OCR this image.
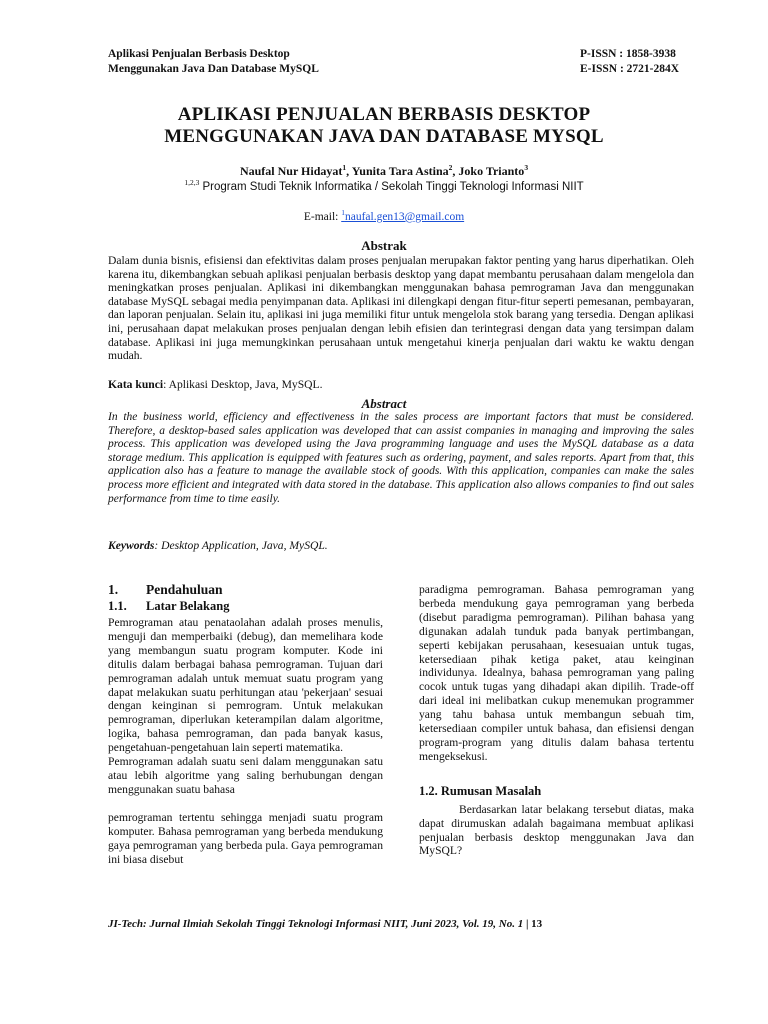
Aplikasi Penjualan Berbasis Desktop
Menggunakan Java Dan Database MySQL
P-ISSN : 1858-3938
E-ISSN : 2721-284X
APLIKASI PENJUALAN BERBASIS DESKTOP
MENGGUNAKAN JAVA DAN DATABASE MYSQL
Naufal Nur Hidayat$^1$, Yunita Tara Astina$^2$, Joko Trianto$^3$
$^{1,2,3}$ Program Studi Teknik Informatika / Sekolah Tinggi Teknologi Informasi NIIT
E-mail: $^1$naufal.gen13@gmail.com
Abstrak
Dalam dunia bisnis, efisiensi dan efektivitas dalam proses penjualan merupakan faktor penting yang harus diperhatikan. Oleh karena itu, dikembangkan sebuah aplikasi penjualan berbasis desktop yang dapat membantu perusahaan dalam mengelola dan meningkatkan proses penjualan. Aplikasi ini dikembangkan menggunakan bahasa pemrograman Java dan menggunakan database MySQL sebagai media penyimpanan data. Aplikasi ini dilengkapi dengan fitur-fitur seperti pemesanan, pembayaran, dan laporan penjualan. Selain itu, aplikasi ini juga memiliki fitur untuk mengelola stok barang yang tersedia. Dengan aplikasi ini, perusahaan dapat melakukan proses penjualan dengan lebih efisien dan terintegrasi dengan data yang tersimpan dalam database. Aplikasi ini juga memungkinkan perusahaan untuk mengetahui kinerja penjualan dari waktu ke waktu dengan mudah.
Kata kunci: Aplikasi Desktop, Java, MySQL.
Abstract
In the business world, efficiency and effectiveness in the sales process are important factors that must be considered. Therefore, a desktop-based sales application was developed that can assist companies in managing and improving the sales process. This application was developed using the Java programming language and uses the MySQL database as a data storage medium. This application is equipped with features such as ordering, payment, and sales reports. Apart from that, this application also has a feature to manage the available stock of goods. With this application, companies can make the sales process more efficient and integrated with data stored in the database. This application also allows companies to find out sales performance from time to time easily.
Keywords: Desktop Application, Java, MySQL.
1. Pendahuluan
1.1. Latar Belakang

Pemrograman atau penataolahan adalah proses menulis, menguji dan memperbaiki (debug), dan memelihara kode yang membangun suatu program komputer. Kode ini ditulis dalam berbagai bahasa pemrograman. Tujuan dari pemrograman adalah untuk memuat suatu program yang dapat melakukan suatu perhitungan atau 'pekerjaan' sesuai dengan keinginan si pemrogram. Untuk melakukan pemrograman, diperlukan keterampilan dalam algoritme, logika, bahasa pemrograman, dan pada banyak kasus, pengetahuan-pengetahuan lain seperti matematika.

Pemrograman adalah suatu seni dalam menggunakan satu atau lebih algoritme yang saling berhubungan dengan menggunakan suatu bahasa

pemrograman tertentu sehingga menjadi suatu program komputer. Bahasa pemrograman yang berbeda mendukung gaya pemrograman yang berbeda pula. Gaya pemrograman ini biasa disebut

paradigma pemrograman. Bahasa pemrograman yang berbeda mendukung gaya pemrograman yang berbeda (disebut paradigma pemrograman). Pilihan bahasa yang digunakan adalah tunduk pada banyak pertimbangan, seperti kebijakan perusahaan, kesesuaian untuk tugas, ketersediaan pihak ketiga paket, atau keinginan individunya. Idealnya, bahasa pemrograman yang paling cocok untuk tugas yang dihadapi akan dipilih. Trade-off dari ideal ini melibatkan cukup menemukan programmer yang tahu bahasa untuk membangun sebuah tim, ketersediaan compiler untuk bahasa, dan efisiensi dengan program-program yang ditulis dalam bahasa tertentu mengeksekusi.

1.2. Rumusan Masalah

Berdasarkan latar belakang tersebut diatas, maka dapat dirumuskan adalah bagaimana membuat aplikasi penjualan berbasis desktop menggunakan Java dan MySQL?

JI-Tech: Jurnal Ilmiah Sekolah Tinggi Teknologi Informasi NIIT, Juni 2023, Vol. 19, No. 1 | 13
